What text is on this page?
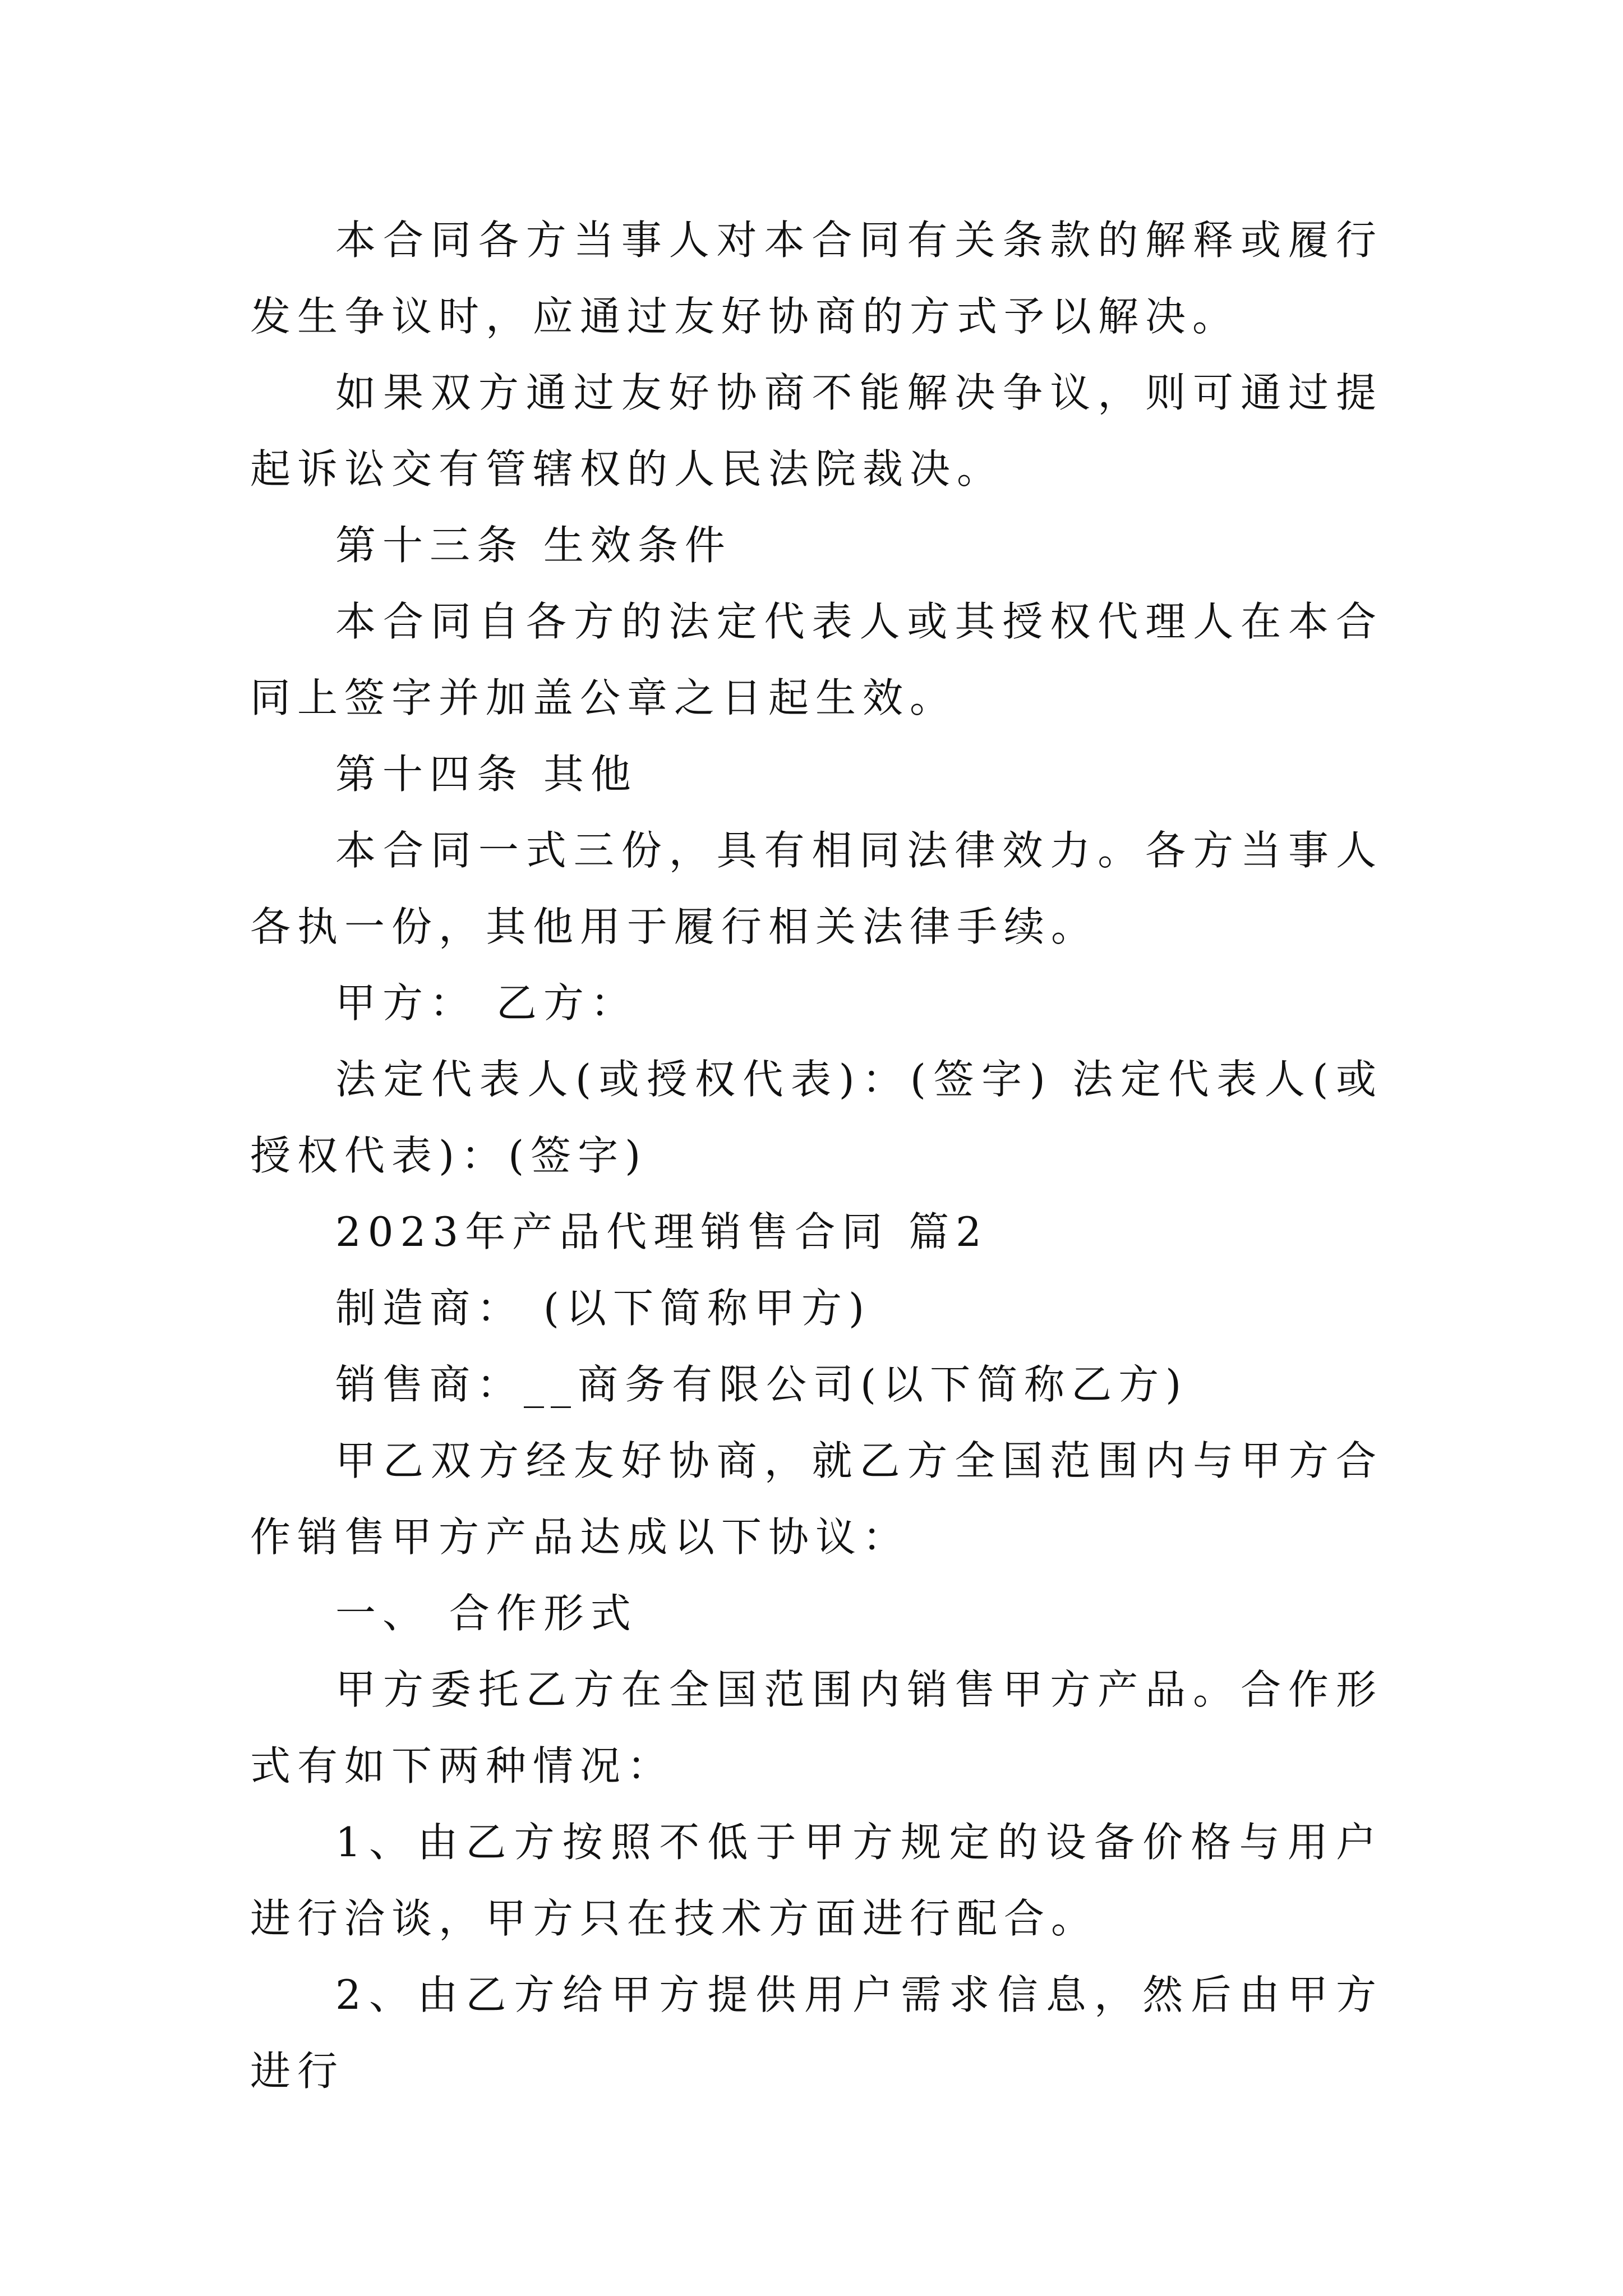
本合同各方当事人对本合同有关条款的解释或履行发生争议时，应通过友好协商的方式予以解决。

如果双方通过友好协商不能解决争议，则可通过提起诉讼交有管辖权的人民法院裁决。

第十三条 生效条件

本合同自各方的法定代表人或其授权代理人在本合同上签字并加盖公章之日起生效。

第十四条 其他

本合同一式三份，具有相同法律效力。各方当事人各执一份，其他用于履行相关法律手续。

甲方： 乙方：

法定代表人(或授权代表)：(签字) 法定代表人(或授权代表)：(签字)

2023年产品代理销售合同 篇2

制造商： (以下简称甲方)

销售商：__商务有限公司(以下简称乙方)

甲乙双方经友好协商，就乙方全国范围内与甲方合作销售甲方产品达成以下协议：

一、 合作形式

甲方委托乙方在全国范围内销售甲方产品。合作形式有如下两种情况：

1、由乙方按照不低于甲方规定的设备价格与用户进行洽谈，甲方只在技术方面进行配合。

2、由乙方给甲方提供用户需求信息，然后由甲方进行
